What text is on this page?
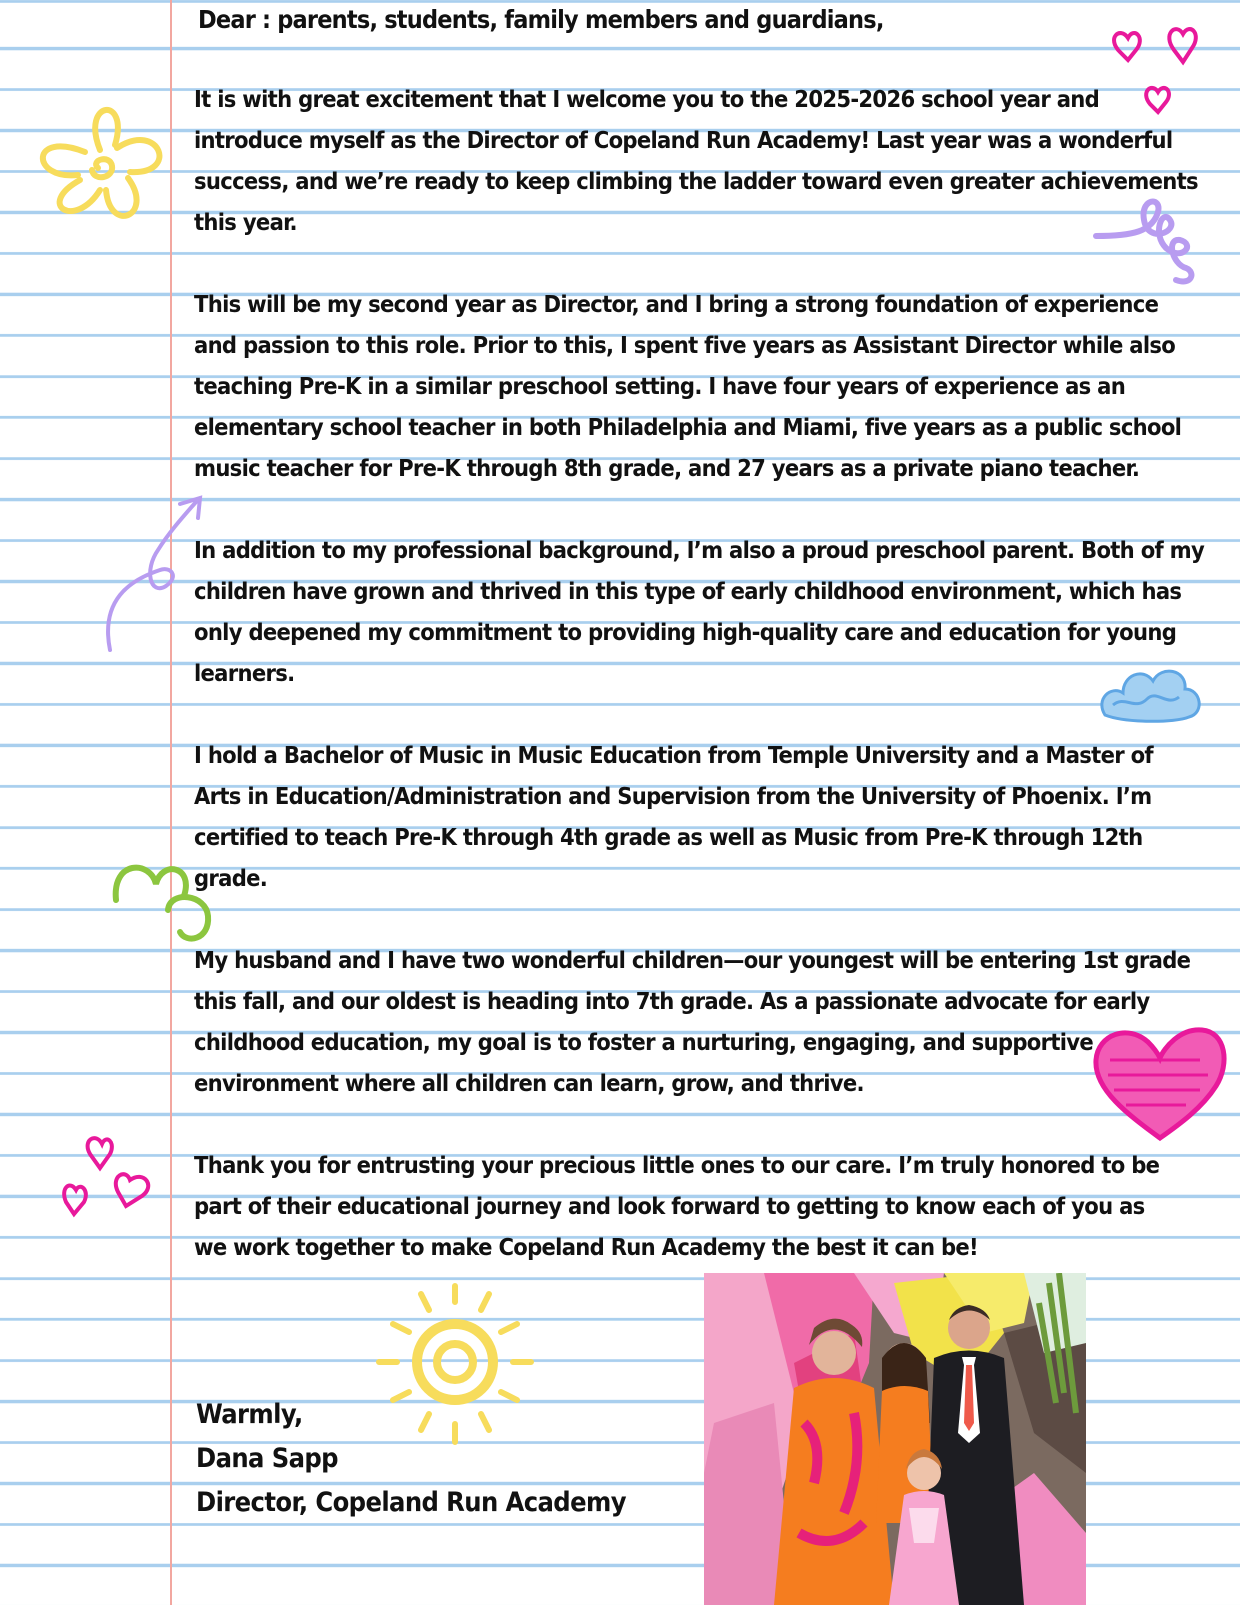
Dear : parents, students, family members and guardians,
It is with great excitement that I welcome you to the 2025-2026 school year and
introduce myself as the Director of Copeland Run Academy! Last year was a wonderful
success, and we’re ready to keep climbing the ladder toward even greater achievements
this year.
This will be my second year as Director, and I bring a strong foundation of experience
and passion to this role. Prior to this, I spent five years as Assistant Director while also
teaching Pre-K in a similar preschool setting. I have four years of experience as an
elementary school teacher in both Philadelphia and Miami, five years as a public school
music teacher for Pre-K through 8th grade, and 27 years as a private piano teacher.
In addition to my professional background, I’m also a proud preschool parent. Both of my
children have grown and thrived in this type of early childhood environment, which has
only deepened my commitment to providing high-quality care and education for young
learners.
I hold a Bachelor of Music in Music Education from Temple University and a Master of
Arts in Education/Administration and Supervision from the University of Phoenix. I’m
certified to teach Pre-K through 4th grade as well as Music from Pre-K through 12th
grade.
My husband and I have two wonderful children—our youngest will be entering 1st grade
this fall, and our oldest is heading into 7th grade. As a passionate advocate for early
childhood education, my goal is to foster a nurturing, engaging, and supportive
environment where all children can learn, grow, and thrive.
Thank you for entrusting your precious little ones to our care. I’m truly honored to be
part of their educational journey and look forward to getting to know each of you as
we work together to make Copeland Run Academy the best it can be!
Warmly,
Dana Sapp
Director, Copeland Run Academy
